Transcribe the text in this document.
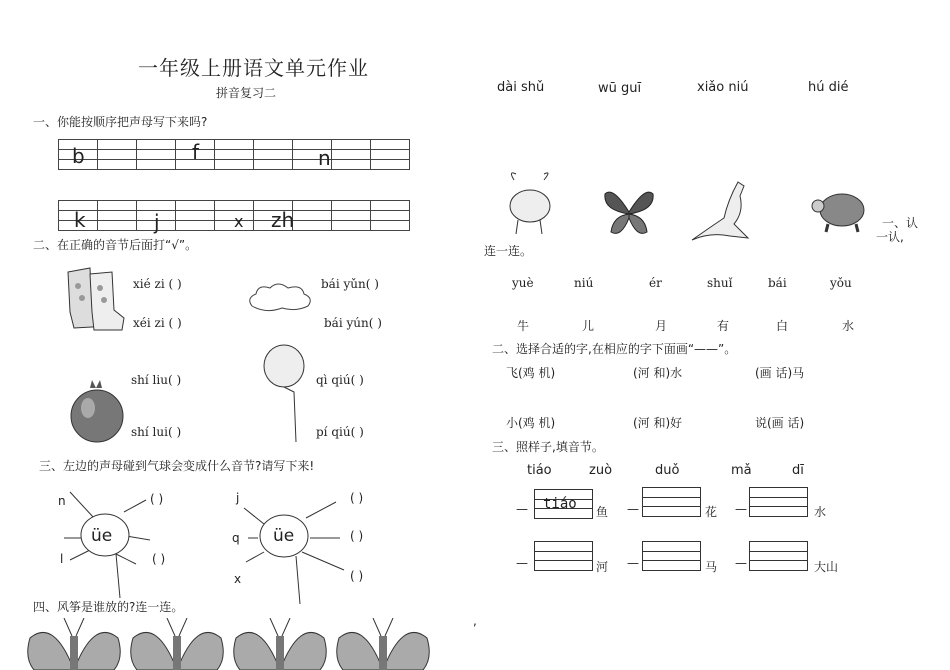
一年级上册语文单元作业
拼音复习二
一、你能按顺序把声母写下来吗?

b	f	n

k	j	x zh
二、在正确的音节后面打“√”。
xié zi ( )
xéi zi ( )
bái yǔn( )
bái yún( )
shí liu( )
shí lui( )
qì qiú( )
pí qiú( )
三、左边的声母碰到气球会变成什么音节?请写下来!
üe
n
l
( )
( )
üe
j
q
x
( )
( )
( )
四、风筝是谁放的?连一连。
dài shǔ	wū guī	xiǎo niú	hú dié
一、认
一认,
连一连。
yuè	niú	ér	shuǐ	bái	yǒu
牛	儿	月	有	白	水
二、选择合适的字,在相应的字下面画“——”。
飞(鸡 机)	(河 和)水	(画 话)马
小(鸡 机)	(河 和)好	说(画 话)
三、照样子,填音节。
tiáo	zuò	duǒ	mǎ	dī
— tiáo 鱼 —	花 —	水
—	河 —	马 —	大山
,
